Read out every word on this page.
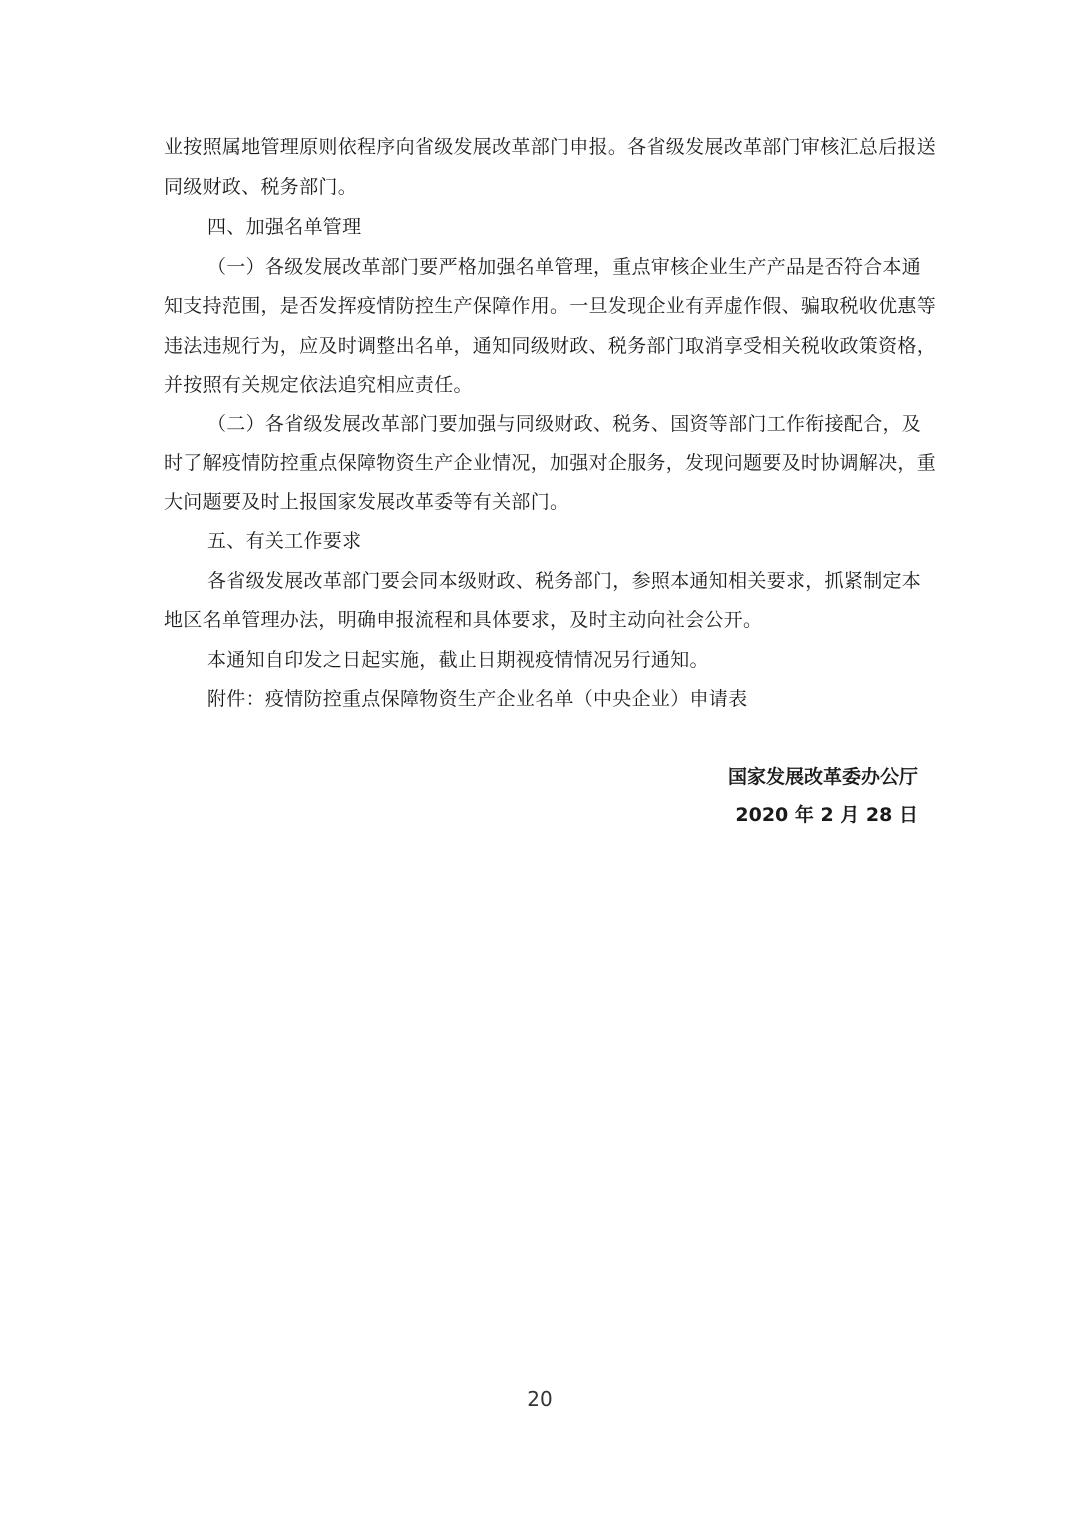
业按照属地管理原则依程序向省级发展改革部门申报。各省级发展改革部门审核汇总后报送
同级财政、税务部门。
四、加强名单管理
（一）各级发展改革部门要严格加强名单管理，重点审核企业生产产品是否符合本通
知支持范围，是否发挥疫情防控生产保障作用。一旦发现企业有弄虚作假、骗取税收优惠等
违法违规行为，应及时调整出名单，通知同级财政、税务部门取消享受相关税收政策资格，
并按照有关规定依法追究相应责任。
（二）各省级发展改革部门要加强与同级财政、税务、国资等部门工作衔接配合，及
时了解疫情防控重点保障物资生产企业情况，加强对企服务，发现问题要及时协调解决，重
大问题要及时上报国家发展改革委等有关部门。
五、有关工作要求
各省级发展改革部门要会同本级财政、税务部门，参照本通知相关要求，抓紧制定本
地区名单管理办法，明确申报流程和具体要求，及时主动向社会公开。
本通知自印发之日起实施，截止日期视疫情情况另行通知。
附件：疫情防控重点保障物资生产企业名单（中央企业）申请表
国家发展改革委办公厅
2020 年 2 月 28 日
20
